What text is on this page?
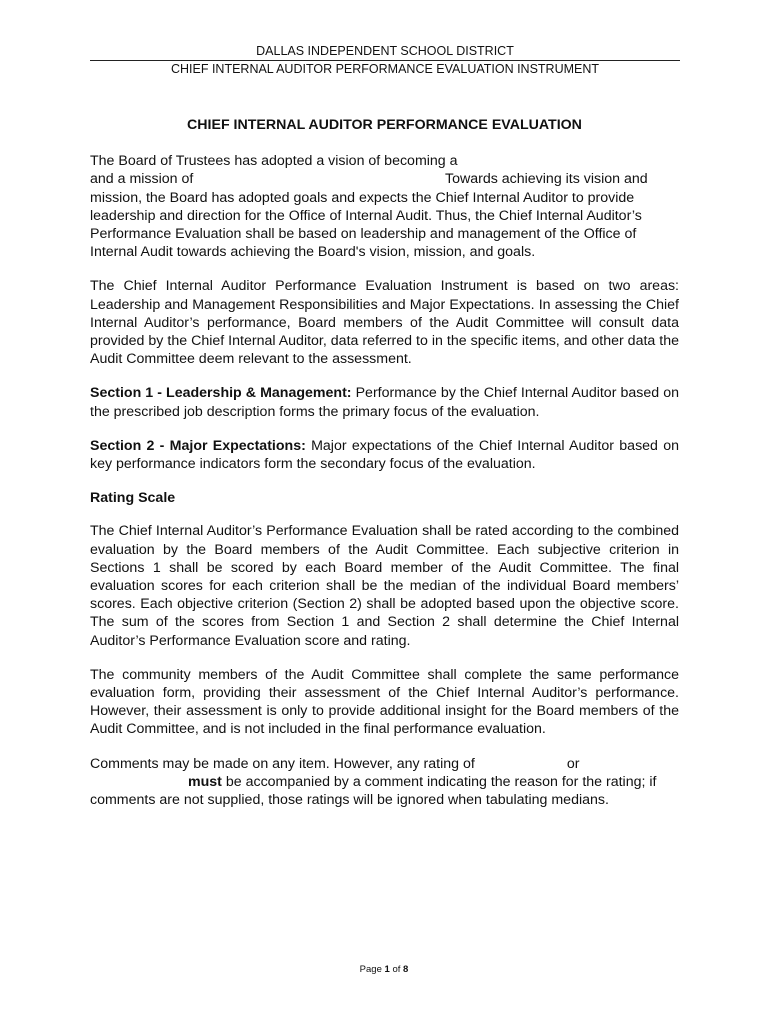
DALLAS INDEPENDENT SCHOOL DISTRICT
CHIEF INTERNAL AUDITOR PERFORMANCE EVALUATION INSTRUMENT

CHIEF INTERNAL AUDITOR PERFORMANCE EVALUATION

The Board of Trustees has adopted a vision of becoming a
and a mission of	Towards achieving its vision and mission, the Board has adopted goals and expects the Chief Internal Auditor to provide leadership and direction for the Office of Internal Audit. Thus, the Chief Internal Auditor’s Performance Evaluation shall be based on leadership and management of the Office of Internal Audit towards achieving the Board's vision, mission, and goals.

The Chief Internal Auditor Performance Evaluation Instrument is based on two areas: Leadership and Management Responsibilities and Major Expectations. In assessing the Chief Internal Auditor’s performance, Board members of the Audit Committee will consult data provided by the Chief Internal Auditor, data referred to in the specific items, and other data the Audit Committee deem relevant to the assessment.

Section 1 - Leadership & Management: Performance by the Chief Internal Auditor based on the prescribed job description forms the primary focus of the evaluation.

Section 2 - Major Expectations: Major expectations of the Chief Internal Auditor based on key performance indicators form the secondary focus of the evaluation.

Rating Scale

The Chief Internal Auditor’s Performance Evaluation shall be rated according to the combined evaluation by the Board members of the Audit Committee. Each subjective criterion in Sections 1 shall be scored by each Board member of the Audit Committee. The final evaluation scores for each criterion shall be the median of the individual Board members’ scores. Each objective criterion (Section 2) shall be adopted based upon the objective score. The sum of the scores from Section 1 and Section 2 shall determine the Chief Internal Auditor’s Performance Evaluation score and rating.

The community members of the Audit Committee shall complete the same performance evaluation form, providing their assessment of the Chief Internal Auditor’s performance. However, their assessment is only to provide additional insight for the Board members of the Audit Committee, and is not included in the final performance evaluation.

Comments may be made on any item. However, any rating of	or
must be accompanied by a comment indicating the reason for the rating; if comments are not supplied, those ratings will be ignored when tabulating medians.

Page 1 of 8
